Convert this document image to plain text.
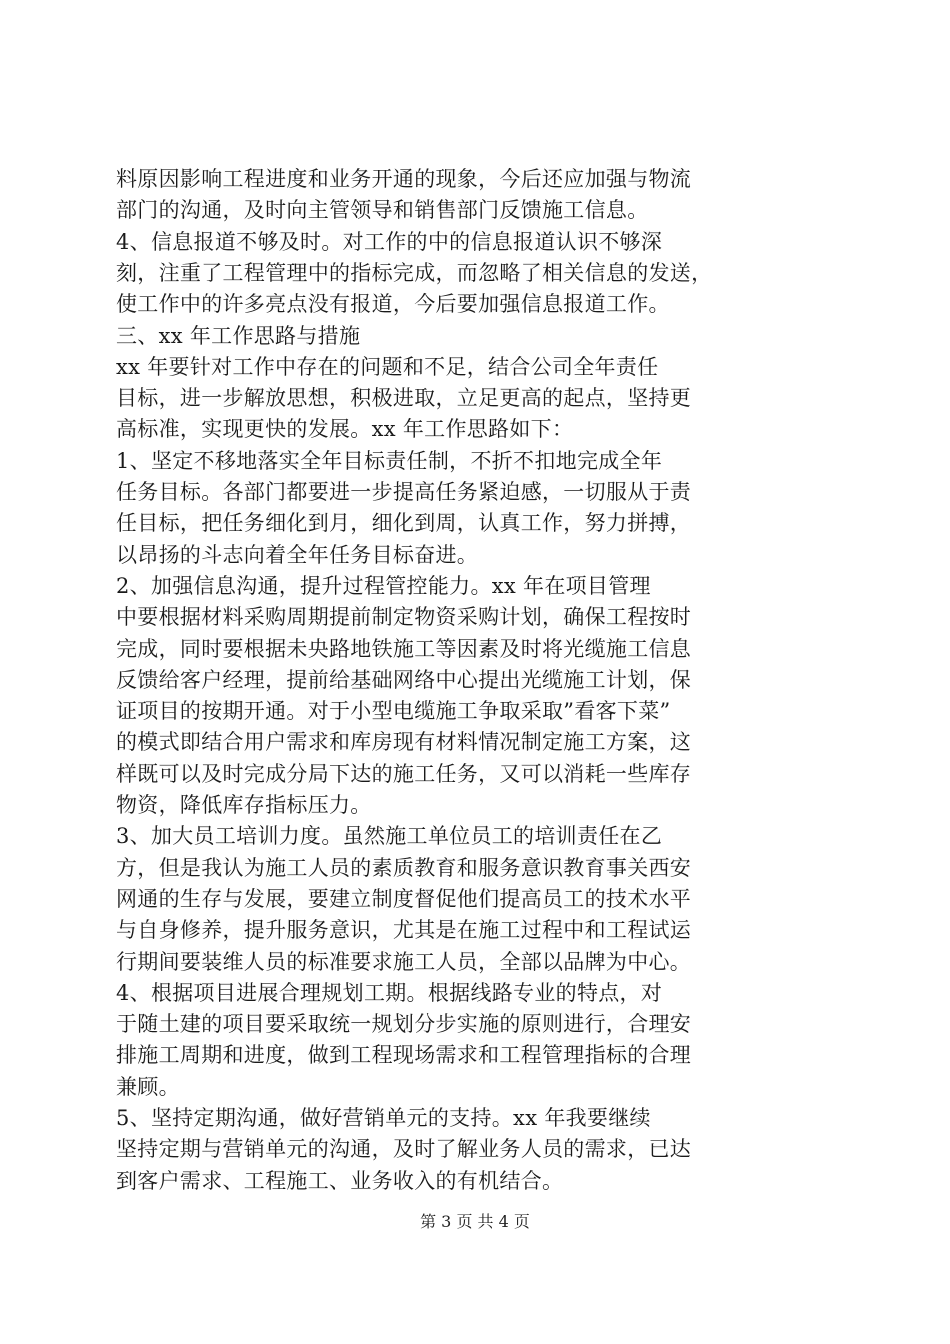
料原因影响工程进度和业务开通的现象，今后还应加强与物流
部门的沟通，及时向主管领导和销售部门反馈施工信息。
4、信息报道不够及时。对工作的中的信息报道认识不够深
刻，注重了工程管理中的指标完成，而忽略了相关信息的发送，
使工作中的许多亮点没有报道，今后要加强信息报道工作。
三、xx 年工作思路与措施
xx 年要针对工作中存在的问题和不足，结合公司全年责任
目标，进一步解放思想，积极进取，立足更高的起点，坚持更
高标准，实现更快的发展。xx 年工作思路如下：
1、坚定不移地落实全年目标责任制，不折不扣地完成全年
任务目标。各部门都要进一步提高任务紧迫感，一切服从于责
任目标，把任务细化到月，细化到周，认真工作，努力拼搏，
以昂扬的斗志向着全年任务目标奋进。
2、加强信息沟通，提升过程管控能力。xx 年在项目管理
中要根据材料采购周期提前制定物资采购计划，确保工程按时
完成，同时要根据未央路地铁施工等因素及时将光缆施工信息
反馈给客户经理，提前给基础网络中心提出光缆施工计划，保
证项目的按期开通。对于小型电缆施工争取采取”看客下菜”
的模式即结合用户需求和库房现有材料情况制定施工方案，这
样既可以及时完成分局下达的施工任务，又可以消耗一些库存
物资，降低库存指标压力。
3、加大员工培训力度。虽然施工单位员工的培训责任在乙
方，但是我认为施工人员的素质教育和服务意识教育事关西安
网通的生存与发展，要建立制度督促他们提高员工的技术水平
与自身修养，提升服务意识，尤其是在施工过程中和工程试运
行期间要装维人员的标准要求施工人员，全部以品牌为中心。
4、根据项目进展合理规划工期。根据线路专业的特点，对
于随土建的项目要采取统一规划分步实施的原则进行，合理安
排施工周期和进度，做到工程现场需求和工程管理指标的合理
兼顾。
5、坚持定期沟通，做好营销单元的支持。xx 年我要继续
坚持定期与营销单元的沟通，及时了解业务人员的需求，已达
到客户需求、工程施工、业务收入的有机结合。
第 3 页 共 4 页
